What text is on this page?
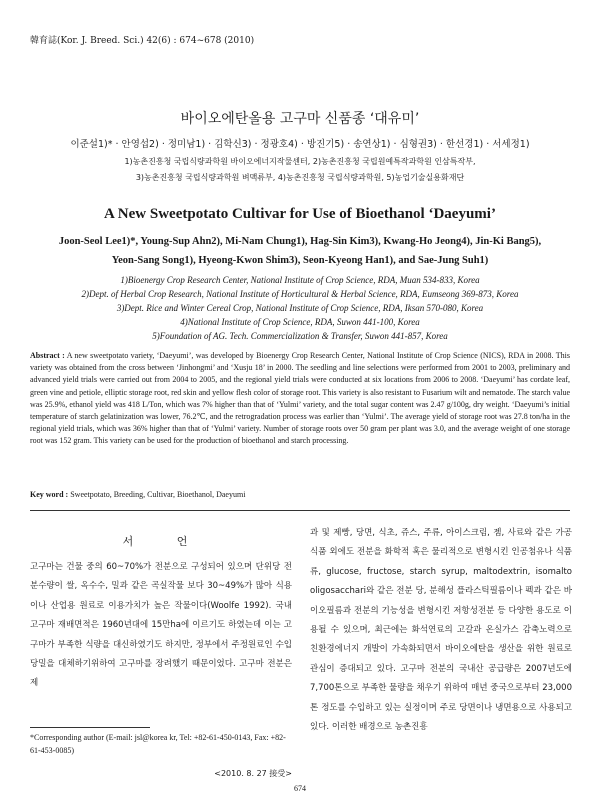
韓育誌(Kor. J. Breed. Sci.) 42(6) : 674~678 (2010)
바이오에탄올용 고구마 신품종 ‘대유미’
이준설1)* · 안영섭2) · 정미남1) · 김학신3) · 정광호4) · 방진기5) · 송연상1) · 심형권3) · 한선경1) · 서세정1)
1)농촌진흥청 국립식량과학원 바이오에너지작물센터, 2)농촌진흥청 국립원예특작과학원 인삼특작부,
3)농촌진흥청 국립식량과학원 벼맥류부, 4)농촌진흥청 국립식량과학원, 5)농업기술실용화재단
A New Sweetpotato Cultivar for Use of Bioethanol ‘Daeyumi’
Joon-Seol Lee1)*, Young-Sup Ahn2), Mi-Nam Chung1), Hag-Sin Kim3), Kwang-Ho Jeong4), Jin-Ki Bang5),
Yeon-Sang Song1), Hyeong-Kwon Shim3), Seon-Kyeong Han1), and Sae-Jung Suh1)
1)Bioenergy Crop Research Center, National Institute of Crop Science, RDA, Muan 534-833, Korea
2)Dept. of Herbal Crop Research, National Institute of Horticultural & Herbal Science, RDA, Eumseong 369-873, Korea
3)Dept. Rice and Winter Cereal Crop, National Institute of Crop Science, RDA, Iksan 570-080, Korea
4)National Institute of Crop Science, RDA, Suwon 441-100, Korea
5)Foundation of AG. Tech. Commercialization & Transfer, Suwon 441-857, Korea
Abstract : A new sweetpotato variety, ‘Daeyumi’, was developed by Bioenergy Crop Research Center, National Institute of Crop Science (NICS), RDA in 2008. This variety was obtained from the cross between ‘Jinhongmi’ and ‘Xusju 18’ in 2000. The seedling and line selections were performed from 2001 to 2003, preliminary and advanced yield trials were carried out from 2004 to 2005, and the regional yield trials were conducted at six locations from 2006 to 2008. ‘Daeyumi’ has cordate leaf, green vine and petiole, elliptic storage root, red skin and yellow flesh color of storage root. This variety is also resistant to Fusarium wilt and nematode. The starch value was 25.9%, ethanol yield was 418 L/Ton, which was 7% higher than that of ‘Yulmi’ variety, and the total sugar content was 2.47 g/100g, dry weight. ‘Daeyumi’s initial temperature of starch gelatinization was lower, 76.2℃, and the retrogradation process was earlier than ‘Yulmi’. The average yield of storage root was 27.8 ton/ha in the regional yield trials, which was 36% higher than that of ‘Yulmi’ variety. Number of storage roots over 50 gram per plant was 3.0, and the average weight of one storage root was 152 gram. This variety can be used for the production of bioethanol and starch processing.
Key word : Sweetpotato, Breeding, Cultivar, Bioethanol, Daeyumi
서 언
고구마는 건물 중의 60~70%가 전분으로 구성되어 있으며 단위당 전분수량이 쌀, 옥수수, 밀과 같은 곡실작물 보다 30~49%가 많아 식용이나 산업용 원료로 이용가치가 높은 작물이다(Woolfe 1992). 국내 고구마 재배면적은 1960년대에 15만ha에 이르기도 하였는데 이는 고구마가 부족한 식량을 대신하였기도 하지만, 정부에서 주정원료인 수입 당밀을 대체하기위하여 고구마를 장려했기 때문이었다. 고구마 전분은 제
과 및 제빵, 당면, 식초, 쥬스, 주류, 아이스크림, 젬, 사료와 같은 가공식품 외에도 전분을 화학적 혹은 물리적으로 변형시킨 인공첨유나 식품류, glucose, fructose, starch syrup, maltodextrin, isomalto oligosacchari와 같은 전분 당, 분해성 플라스틱필름이나 펙과 같은 바이오필름과 전분의 기능성을 변형시킨 저항성전분 등 다양한 용도로 이용될 수 있으며, 최근에는 화석연료의 고갈과 온실가스 감축노력으로 친환경에너지 개발이 가속화되면서 바이오에탄을 생산을 위한 원료로 관심이 증대되고 있다. 고구마 전분의 국내산 공급량은 2007년도에 7,700톤으로 부족한 물량을 채우기 위하여 매년 중국으로부터 23,000톤 정도를 수입하고 있는 실정이며 주로 당면이나 냉면용으로 사용되고 있다. 이러한 배경으로 농촌진흥
*Corresponding author (E-mail: jsl@korea kr, Tel: +82-61-450-0143, Fax: +82-61-453-0085)
<2010. 8. 27 接受>
674
